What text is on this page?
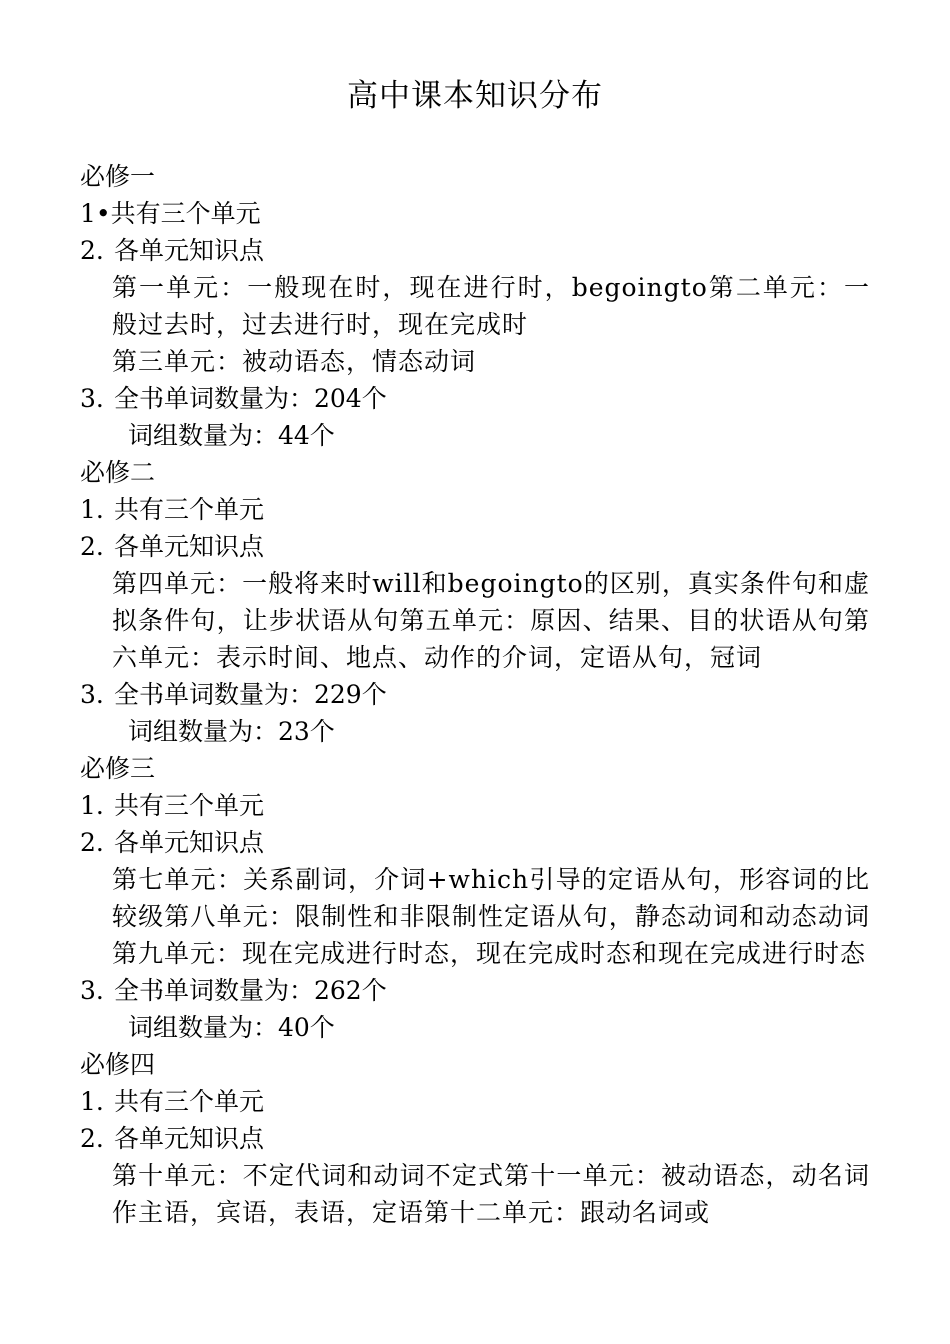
高中课本知识分布
必修一
1•共有三个单元
2. 各单元知识点
第一单元：一般现在时，现在进行时，begoingto第二单元：一般过去时，过去进行时，现在完成时
第三单元：被动语态，情态动词
3. 全书单词数量为：204个
词组数量为：44个
必修二
1. 共有三个单元
2. 各单元知识点
第四单元：一般将来时will和begoingto的区别，真实条件句和虚拟条件句，让步状语从句第五单元：原因、结果、目的状语从句第六单元：表示时间、地点、动作的介词，定语从句，冠词
3. 全书单词数量为：229个
词组数量为：23个
必修三
1. 共有三个单元
2. 各单元知识点
第七单元：关系副词，介词+which引导的定语从句，形容词的比较级第八单元：限制性和非限制性定语从句，静态动词和动态动词第九单元：现在完成进行时态，现在完成时态和现在完成进行时态
3. 全书单词数量为：262个
词组数量为：40个
必修四
1. 共有三个单元
2. 各单元知识点
第十单元：不定代词和动词不定式第十一单元：被动语态，动名词作主语，宾语，表语，定语第十二单元：跟动名词或
